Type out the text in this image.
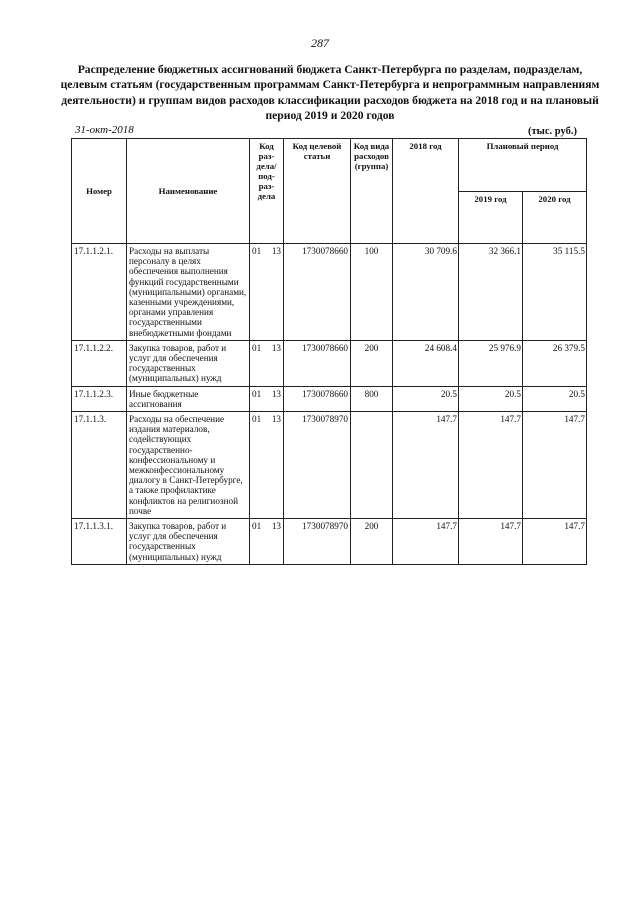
287
Распределение бюджетных ассигнований бюджета Санкт-Петербурга по разделам, подразделам, целевым статьям (государственным программам Санкт-Петербурга и непрограммным направлениям деятельности) и группам видов расходов классификации расходов бюджета на 2018 год и на плановый период 2019 и 2020 годов
31-окт-2018	(тыс. руб.)
Номер	Наименование	Код раз-дела/ под-раз-дела	Код целевой статьи	Код вида расходов (группа)	2018 год	Плановый период	
						2019 год	2020 год
17.1.1.2.1.	Расходы на выплаты персоналу в целях обеспечения выполнения функций государственными (муниципальными) органами, казенными учреждениями, органами управления государственными внебюджетными фондами	01 13	1730078660	100	30 709.6	32 366.1	35 115.5
17.1.1.2.2.	Закупка товаров, работ и услуг для обеспечения государственных (муниципальных) нужд	01 13	1730078660	200	24 608.4	25 976.9	26 379.5
17.1.1.2.3.	Иные бюджетные ассигнования	01 13	1730078660	800	20.5	20.5	20.5
17.1.1.3.	Расходы на обеспечение издания материалов, содействующих государственно-конфессиональному и межконфессиональному диалогу в Санкт-Петербурге, а также профилактике конфликтов на религиозной почве	01 13	1730078970		147.7	147.7	147.7
17.1.1.3.1.	Закупка товаров, работ и услуг для обеспечения государственных (муниципальных) нужд	01 13	1730078970	200	147.7	147.7	147.7
